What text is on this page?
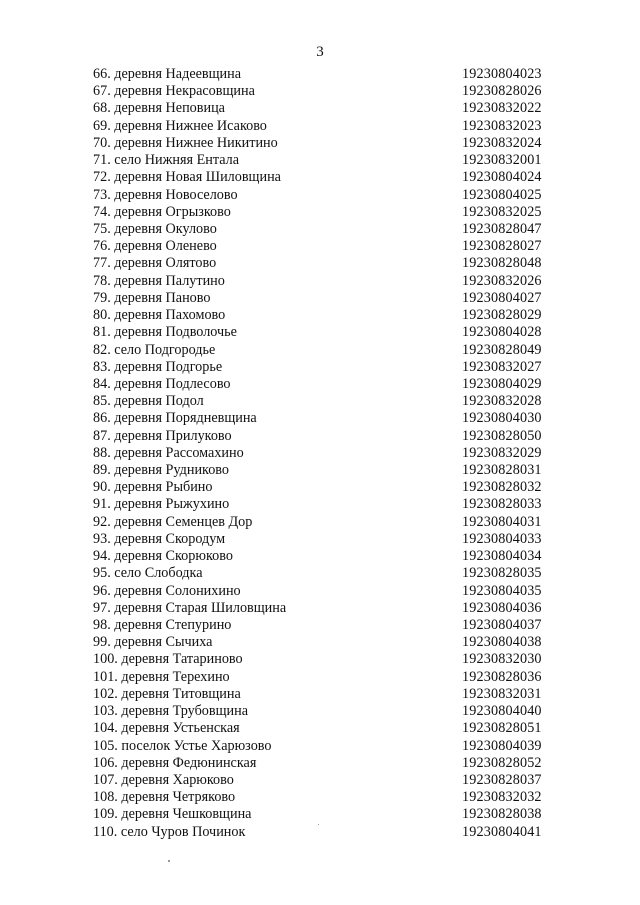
3
66. деревня Надеевщина	19230804023
67. деревня Некрасовщина	19230828026
68. деревня Неповица	19230832022
69. деревня Нижнее Исаково	19230832023
70. деревня Нижнее Никитино	19230832024
71. село Нижняя Ентала	19230832001
72. деревня Новая Шиловщина	19230804024
73. деревня Новоселово	19230804025
74. деревня Огрызково	19230832025
75. деревня Окулово	19230828047
76. деревня Оленево	19230828027
77. деревня Олятово	19230828048
78. деревня Палутино	19230832026
79. деревня Паново	19230804027
80. деревня Пахомово	19230828029
81. деревня Подволочье	19230804028
82. село Подгородье	19230828049
83. деревня Подгорье	19230832027
84. деревня Подлесово	19230804029
85. деревня Подол	19230832028
86. деревня Порядневщина	19230804030
87. деревня Прилуково	19230828050
88. деревня Рассомахино	19230832029
89. деревня Рудниково	19230828031
90. деревня Рыбино	19230828032
91. деревня Рыжухино	19230828033
92. деревня Семенцев Дор	19230804031
93. деревня Скородум	19230804033
94. деревня Скорюково	19230804034
95. село Слободка	19230828035
96. деревня Солонихино	19230804035
97. деревня Старая Шиловщина	19230804036
98. деревня Степурино	19230804037
99. деревня Сычиха	19230804038
100. деревня Татариново	19230832030
101. деревня Терехино	19230828036
102. деревня Титовщина	19230832031
103. деревня Трубовщина	19230804040
104. деревня Устьенская	19230828051
105. поселок Устье Харюзово	19230804039
106. деревня Федюнинская	19230828052
107. деревня Харюково	19230828037
108. деревня Четряково	19230832032
109. деревня Чешковщина	19230828038
110. село Чуров Починок	19230804041
